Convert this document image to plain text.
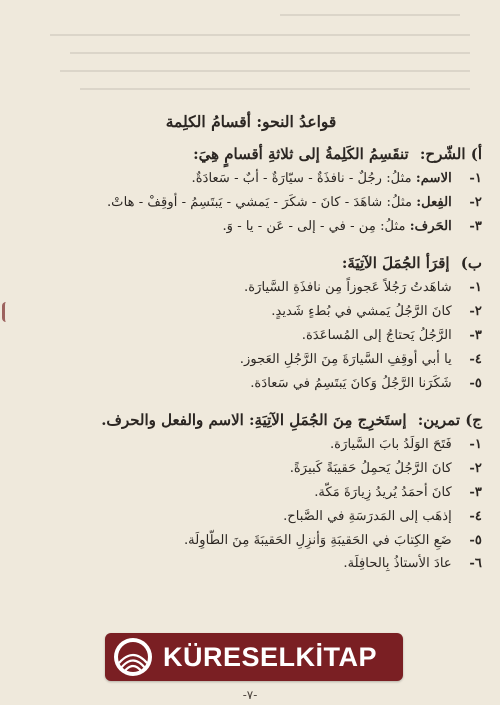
قواعدُ النحو: أقسامُ الكلِمة
أ) الشّرح: تنقَسِمُ الكَلِمةُ إلى ثلاثةِ أقسامٍ هِيَ:
١- الاسم: مثلُ: رجُلٌ - نافذَةٌ - سيّارَةٌ - أبٌ - سَعادَةٌ.
٢- الفِعل: مثلُ: شاهَدَ - كانَ - شكَرَ - يَمشي - يَبتَسِمُ - أوقِفْ - هاتْ.
٣- الحَرف: مثلُ: مِن - في - إلى - عَن - يا - وَ.
ب) إقرَأ الجُمَلَ الآتِيَةَ:
١- شاهَدتُ رَجُلاً عَجوزاً مِن نافذَةِ السَّيارَة.
٢- كانَ الرَّجُلُ يَمشي في بُطءٍ شَديدٍ.
٣- الرَّجُلُ يَحتاجُ إلى المُساعَدَة.
٤- يا أبي أوقِفِ السَّيارَةَ مِنَ الرَّجُلِ العَجوز.
٥- شَكَرَنا الرَّجُلُ وَكانَ يَبتَسِمُ في سَعادَة.
ج) تمرين: إستَخرِج مِنَ الجُمَلِ الآتِيَةِ: الاسم والفعل والحرف.
١- فَتَحَ الوَلَدُ بابَ السَّيارَة.
٢- كانَ الرَّجُلُ يَحمِلُ حَقيبَةً كَبيرَةً.
٣- كانَ أحمَدُ يُريدُ زِيارَةَ مَكّة.
٤- إذهَب إلى المَدرَسَةِ في الصَّباح.
٥- ضَعِ الكِتابَ في الحَقيبَةِ وَأنزِلِ الحَقيبَةَ مِنَ الطّاوِلَة.
٦- عادَ الأستاذُ بِالحافِلَة.
KÜRESELKİTAP
-٧-
